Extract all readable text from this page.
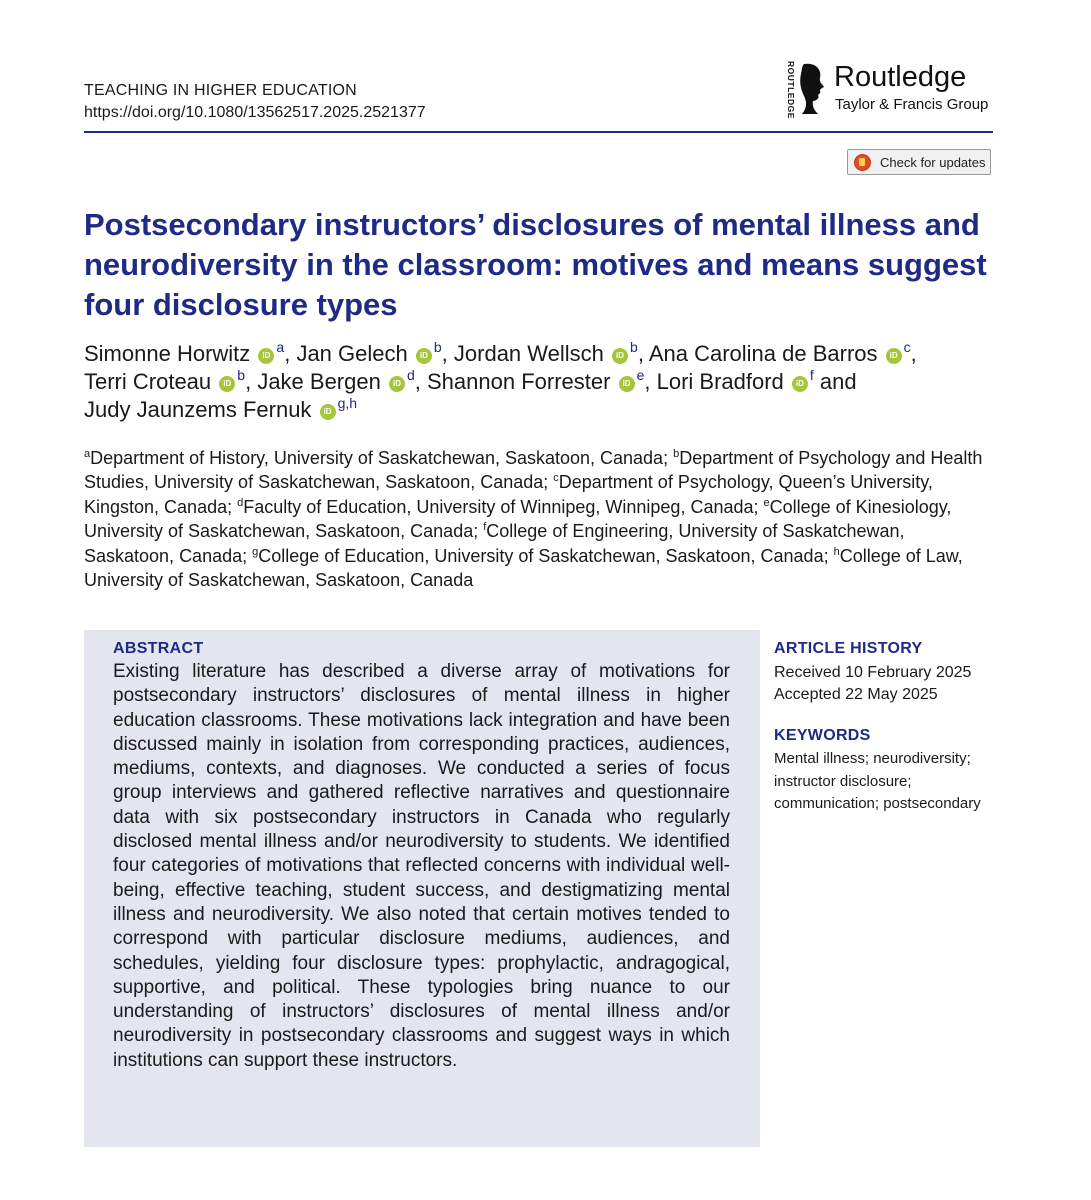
TEACHING IN HIGHER EDUCATION
https://doi.org/10.1080/13562517.2025.2521377	ROUTLEDGE Routledge
Taylor & Francis Group
Check for updates
Postsecondary instructors’ disclosures of mental illness and neurodiversity in the classroom: motives and means suggest four disclosure types
Simonne Horwitz iD$^a$, Jan Gelech iD$^b$, Jordan Wellsch iD$^b$, Ana Carolina de Barros iD$^c$,
Terri Croteau iD$^b$, Jake Bergen iD$^d$, Shannon Forrester iD$^e$, Lori Bradford iD$^f$ and
Judy Jaunzems Fernuk iD$^{g,h}$
$^a$Department of History, University of Saskatchewan, Saskatoon, Canada; $^b$Department of Psychology and Health Studies, University of Saskatchewan, Saskatoon, Canada; $^c$Department of Psychology, Queen’s University, Kingston, Canada; $^d$Faculty of Education, University of Winnipeg, Winnipeg, Canada; $^e$College of Kinesiology, University of Saskatchewan, Saskatoon, Canada; $^f$College of Engineering, University of Saskatchewan, Saskatoon, Canada; $^g$College of Education, University of Saskatchewan, Saskatoon, Canada; $^h$College of Law, University of Saskatchewan, Saskatoon, Canada
ABSTRACT
Existing literature has described a diverse array of motivations for postsecondary instructors’ disclosures of mental illness in higher education classrooms. These motivations lack integration and have been discussed mainly in isolation from corresponding practices, audiences, mediums, contexts, and diagnoses. We conducted a series of focus group interviews and gathered reflective narratives and questionnaire data with six postsecondary instructors in Canada who regularly disclosed mental illness and/or neurodiversity to students. We identified four categories of motivations that reflected concerns with individual well-being, effective teaching, student success, and destigmatizing mental illness and neurodiversity. We also noted that certain motives tended to correspond with particular disclosure mediums, audiences, and schedules, yielding four disclosure types: prophylactic, andragogical, supportive, and political. These typologies bring nuance to our understanding of instructors’ disclosures of mental illness and/or neurodiversity in postsecondary classrooms and suggest ways in which institutions can support these instructors.
ARTICLE HISTORY
Received 10 February 2025
Accepted 22 May 2025
KEYWORDS
Mental illness; neurodiversity; instructor disclosure; communication; postsecondary
